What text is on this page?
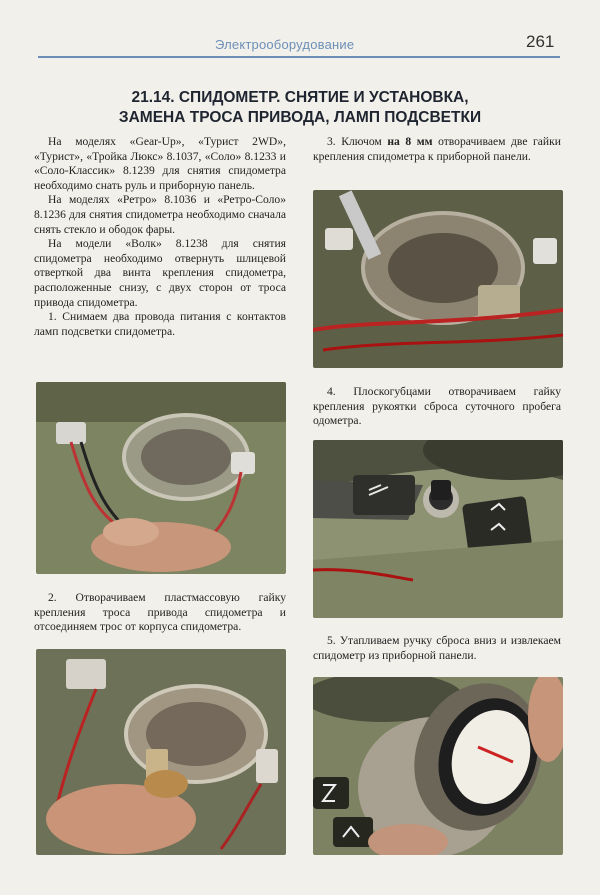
Электрооборудование	261
21.14. СПИДОМЕТР. СНЯТИЕ И УСТАНОВКА,
ЗАМЕНА ТРОСА ПРИВОДА, ЛАМП ПОДСВЕТКИ

На моделях «Gear-Up», «Турист 2WD», «Турист», «Тройка Люкс» 8.1037, «Соло» 8.1233 и «Соло-Классик» 8.1239 для снятия спидометра необходимо снать руль и приборную панель.

На моделях «Ретро» 8.1036 и «Ретро-Соло» 8.1236 для снятия спидометра необходимо сначала снять стекло и ободок фары.

На модели «Волк» 8.1238 для снятия спидометра необходимо отвернуть шлицевой отверткой два винта крепления спидометра, расположенные снизу, с двух сторон от троса привода спидометра.

1. Снимаем два провода питания с контактов ламп подсветки спидометра.

2. Отворачиваем пластмассовую гайку крепления троса привода спидометра и отсоединяем трос от корпуса спидометра.

3. Ключом на 8 мм отворачиваем две гайки крепления спидометра к приборной панели.

4. Плоскогубцами отворачиваем гайку крепления рукоятки сброса суточного пробега одометра.

5. Утапливаем ручку сброса вниз и извлекаем спидометр из приборной панели.
